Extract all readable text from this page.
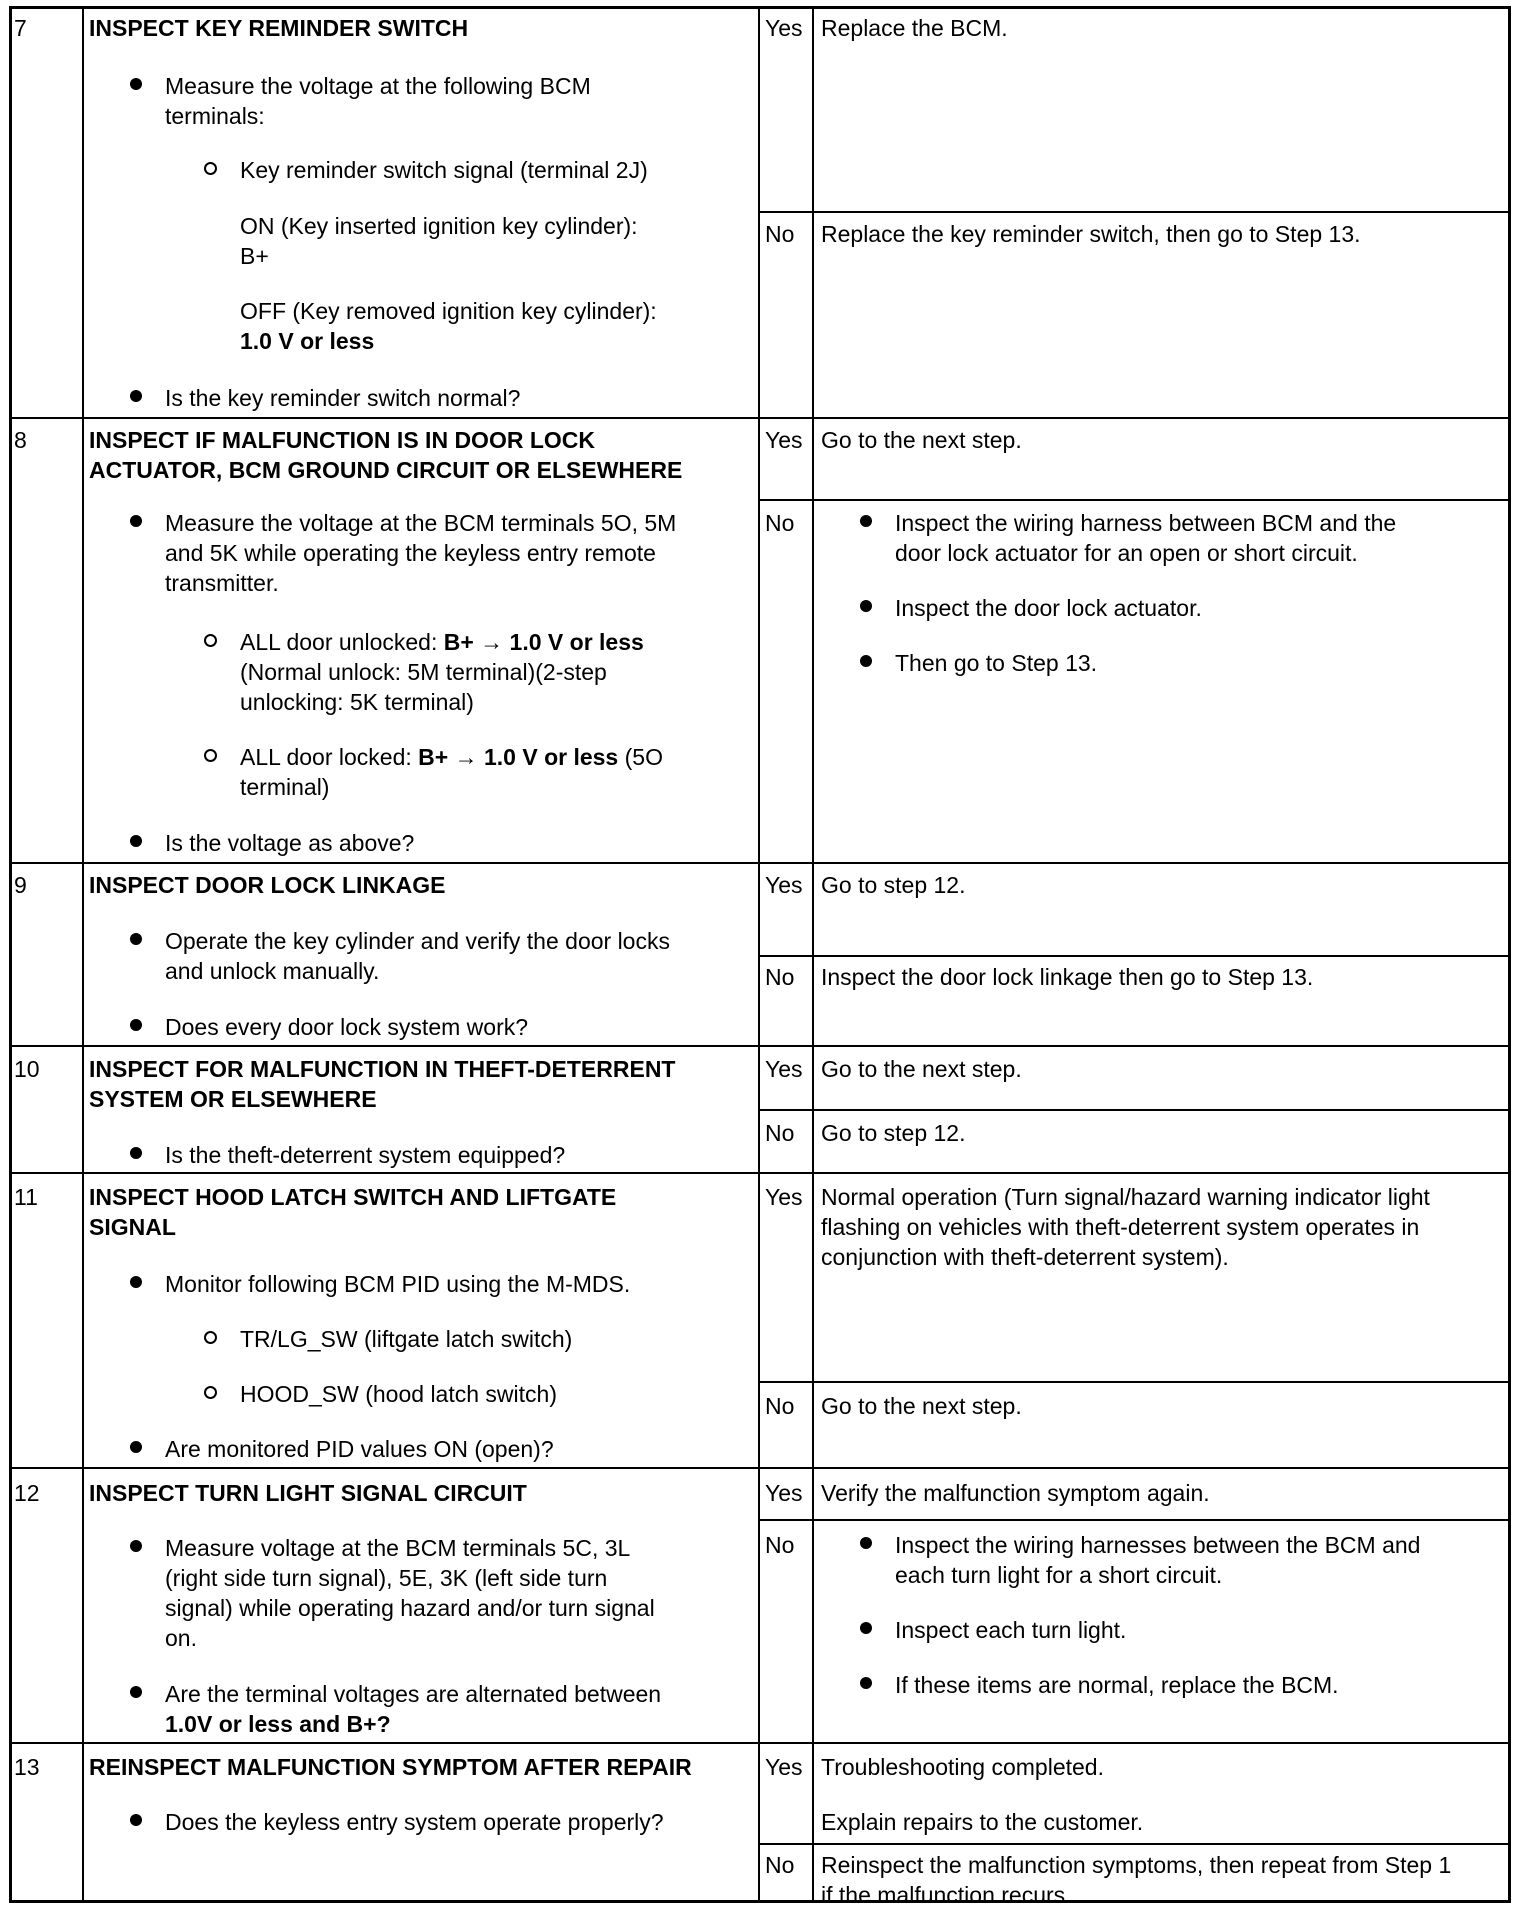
7	INSPECT KEY REMINDER SWITCH
Measure the voltage at the following BCM
terminals:
Key reminder switch signal (terminal 2J)
ON (Key inserted ignition key cylinder):
B+
OFF (Key removed ignition key cylinder):
1.0 V or less
Is the key reminder switch normal?
Yes Replace the BCM.
No Replace the key reminder switch, then go to Step 13.
8	INSPECT IF MALFUNCTION IS IN DOOR LOCK
ACTUATOR, BCM GROUND CIRCUIT OR ELSEWHERE
Measure the voltage at the BCM terminals 5O, 5M
and 5K while operating the keyless entry remote
transmitter.
ALL door unlocked: B+ → 1.0 V or less
(Normal unlock: 5M terminal)(2-step
unlocking: 5K terminal)
ALL door locked: B+ → 1.0 V or less (5O
terminal)
Is the voltage as above?
Yes Go to the next step.
No	Inspect the wiring harness between BCM and the
door lock actuator for an open or short circuit.
Inspect the door lock actuator.
Then go to Step 13.
9	INSPECT DOOR LOCK LINKAGE
Operate the key cylinder and verify the door locks
and unlock manually.
Does every door lock system work?
Yes Go to step 12.
No Inspect the door lock linkage then go to Step 13.
10 INSPECT FOR MALFUNCTION IN THEFT-DETERRENT
SYSTEM OR ELSEWHERE
Is the theft-deterrent system equipped?
Yes Go to the next step.
No Go to step 12.
11 INSPECT HOOD LATCH SWITCH AND LIFTGATE
SIGNAL
Monitor following BCM PID using the M-MDS.
TR/LG_SW (liftgate latch switch)
HOOD_SW (hood latch switch)
Are monitored PID values ON (open)?
Yes Normal operation (Turn signal/hazard warning indicator light
flashing on vehicles with theft-deterrent system operates in
conjunction with theft-deterrent system).
No Go to the next step.
12 INSPECT TURN LIGHT SIGNAL CIRCUIT
Measure voltage at the BCM terminals 5C, 3L
(right side turn signal), 5E, 3K (left side turn
signal) while operating hazard and/or turn signal
on.
Are the terminal voltages are alternated between
1.0V or less and B+?
Yes Verify the malfunction symptom again.
No	Inspect the wiring harnesses between the BCM and
each turn light for a short circuit.
Inspect each turn light.
If these items are normal, replace the BCM.
13 REINSPECT MALFUNCTION SYMPTOM AFTER REPAIR
Does the keyless entry system operate properly?
Yes Troubleshooting completed.
Explain repairs to the customer.
No Reinspect the malfunction symptoms, then repeat from Step 1
if the malfunction recurs.
